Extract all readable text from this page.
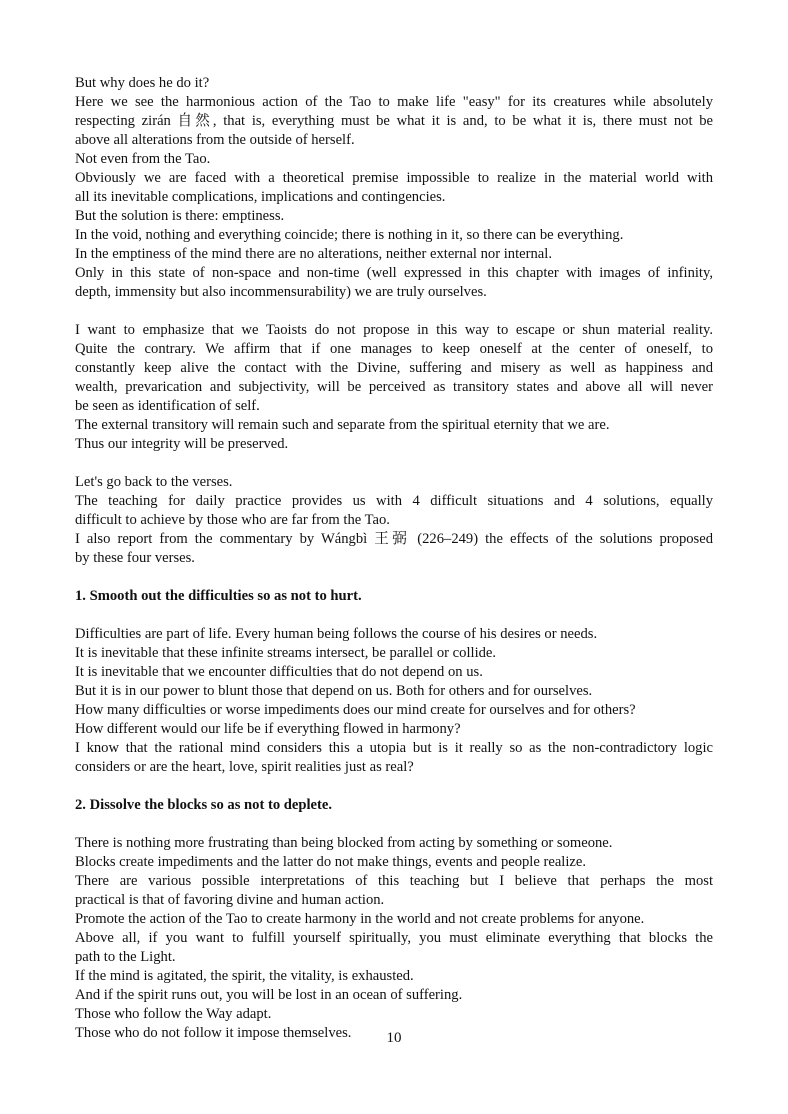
But why does he do it?
Here we see the harmonious action of the Tao to make life "easy" for its creatures while absolutely
respecting zirán 自然, that is, everything must be what it is and, to be what it is, there must not be
above all alterations from the outside of herself.
Not even from the Tao.
Obviously we are faced with a theoretical premise impossible to realize in the material world with
all its inevitable complications, implications and contingencies.
But the solution is there: emptiness.
In the void, nothing and everything coincide; there is nothing in it, so there can be everything.
In the emptiness of the mind there are no alterations, neither external nor internal.
Only in this state of non-space and non-time (well expressed in this chapter with images of infinity,
depth, immensity but also incommensurability) we are truly ourselves.
I want to emphasize that we Taoists do not propose in this way to escape or shun material reality.
Quite the contrary. We affirm that if one manages to keep oneself at the center of oneself, to
constantly keep alive the contact with the Divine, suffering and misery as well as happiness and
wealth, prevarication and subjectivity, will be perceived as transitory states and above all will never
be seen as identification of self.
The external transitory will remain such and separate from the spiritual eternity that we are.
Thus our integrity will be preserved.
Let's go back to the verses.
The teaching for daily practice provides us with 4 difficult situations and 4 solutions, equally
difficult to achieve by those who are far from the Tao.
I also report from the commentary by Wángbì 王弼 (226–249) the effects of the solutions proposed
by these four verses.
1. Smooth out the difficulties so as not to hurt.
Difficulties are part of life. Every human being follows the course of his desires or needs.
It is inevitable that these infinite streams intersect, be parallel or collide.
It is inevitable that we encounter difficulties that do not depend on us.
But it is in our power to blunt those that depend on us. Both for others and for ourselves.
How many difficulties or worse impediments does our mind create for ourselves and for others?
How different would our life be if everything flowed in harmony?
I know that the rational mind considers this a utopia but is it really so as the non-contradictory logic
considers or are the heart, love, spirit realities just as real?
2. Dissolve the blocks so as not to deplete.
There is nothing more frustrating than being blocked from acting by something or someone.
Blocks create impediments and the latter do not make things, events and people realize.
There are various possible interpretations of this teaching but I believe that perhaps the most
practical is that of favoring divine and human action.
Promote the action of the Tao to create harmony in the world and not create problems for anyone.
Above all, if you want to fulfill yourself spiritually, you must eliminate everything that blocks the
path to the Light.
If the mind is agitated, the spirit, the vitality, is exhausted.
And if the spirit runs out, you will be lost in an ocean of suffering.
Those who follow the Way adapt.
Those who do not follow it impose themselves.	10
